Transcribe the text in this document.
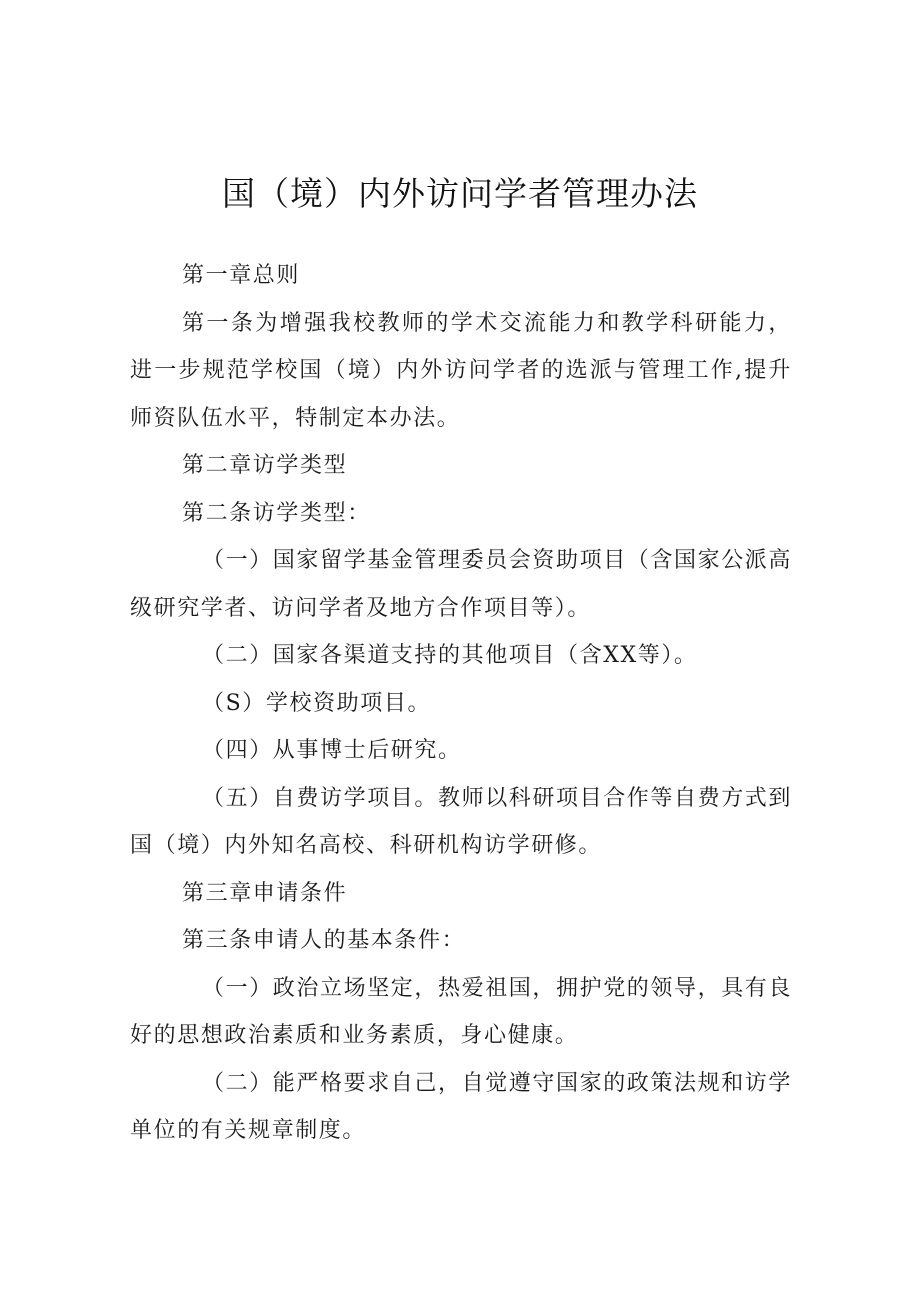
国（境）内外访问学者管理办法

第一章总则

第一条为增强我校教师的学术交流能力和教学科研能力，进一步规范学校国（境）内外访问学者的选派与管理工作,提升师资队伍水平，特制定本办法。

第二章访学类型

第二条访学类型：

（一）国家留学基金管理委员会资助项目（含国家公派高级研究学者、访问学者及地方合作项目等）。

（二）国家各渠道支持的其他项目（含XX等）。

（S）学校资助项目。

（四）从事博士后研究。

（五）自费访学项目。教师以科研项目合作等自费方式到国（境）内外知名高校、科研机构访学研修。

第三章申请条件

第三条申请人的基本条件：

（一）政治立场坚定，热爱祖国，拥护党的领导，具有良好的思想政治素质和业务素质，身心健康。

（二）能严格要求自己，自觉遵守国家的政策法规和访学单位的有关规章制度。
